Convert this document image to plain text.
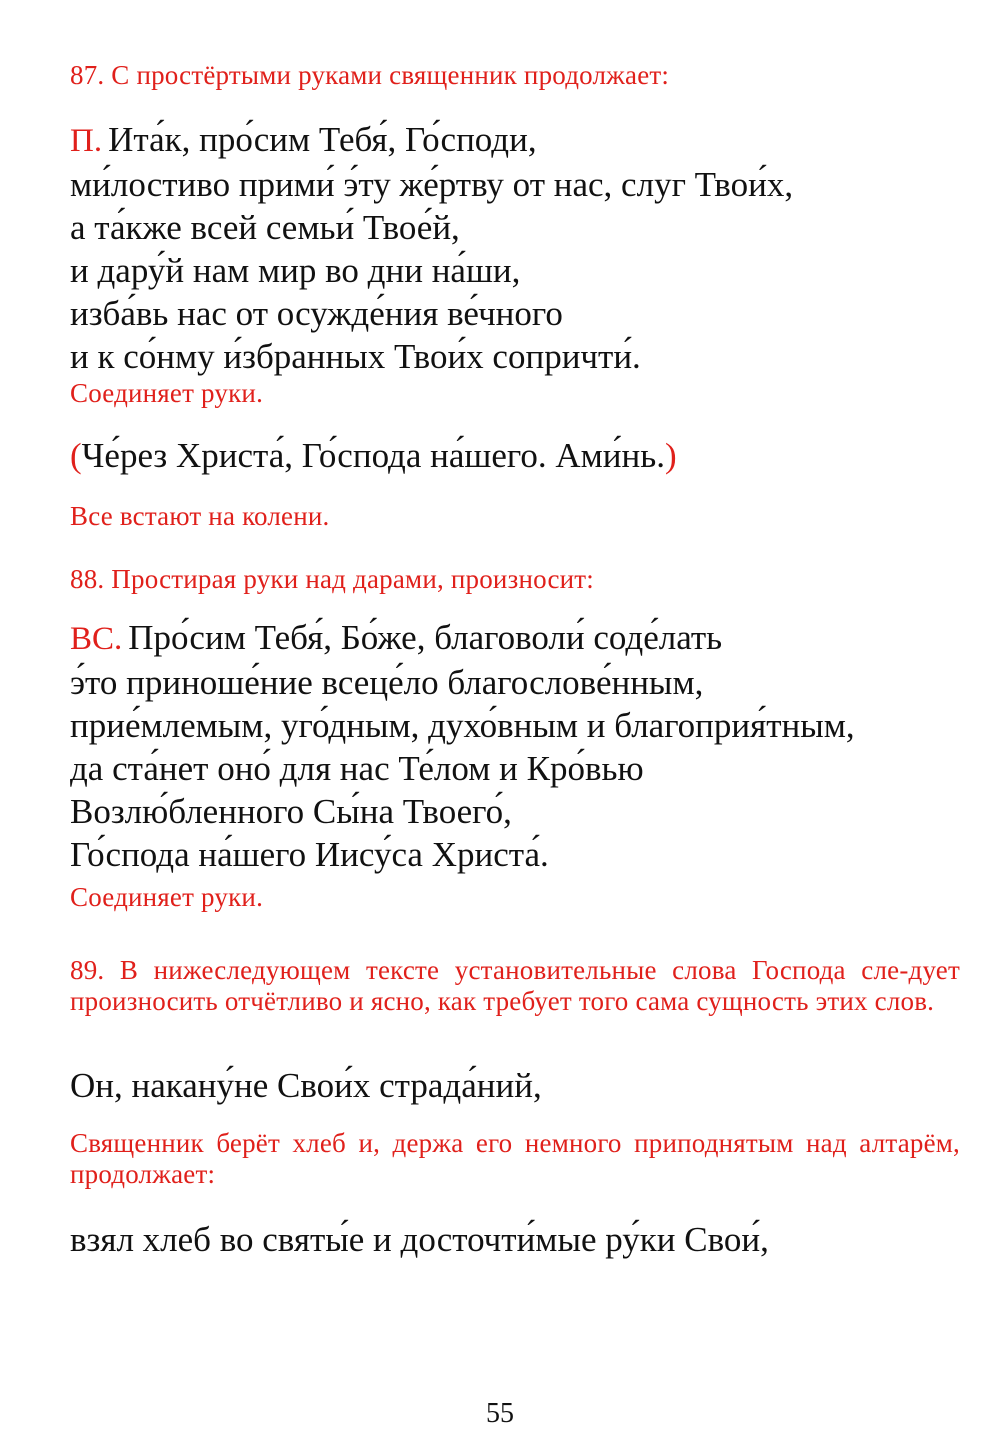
87. С простёртыми руками священник продолжает:
П. Ита́к, про́сим Тебя́, Го́споди,
ми́лостиво прими́ э́ту же́ртву от нас, слуг Твои́х,
а та́кже всей семьи́ Твое́й,
и дару́й нам мир во дни на́ши,
изба́вь нас от осужде́ния ве́чного
и к со́нму и́збранных Твои́х сопричти́.
Соединяет руки.
(Че́рез Христа́, Го́спода на́шего. Ами́нь.)
Все встают на колени.
88. Простирая руки над дарами, произносит:
ВС. Про́сим Тебя́, Бо́же, благоволи́ соде́лать
э́то приноше́ние всеце́ло благослове́нным,
прие́млемым, уго́дным, духо́вным и благоприя́тным,
да ста́нет оно́ для нас Те́лом и Кро́вью
Возлю́бленного Сы́на Твоего́,
Го́спода на́шего Иису́са Христа́.
Соединяет руки.
89. В нижеследующем тексте установительные слова Господа сле-дует произносить отчётливо и ясно, как требует того сама сущность этих слов.
Он, накану́не Свои́х страда́ний,
Священник берёт хлеб и, держа его немного приподнятым над алтарём, продолжает:
взял хлеб во святы́е и досточти́мые ру́ки Свои́,
55
